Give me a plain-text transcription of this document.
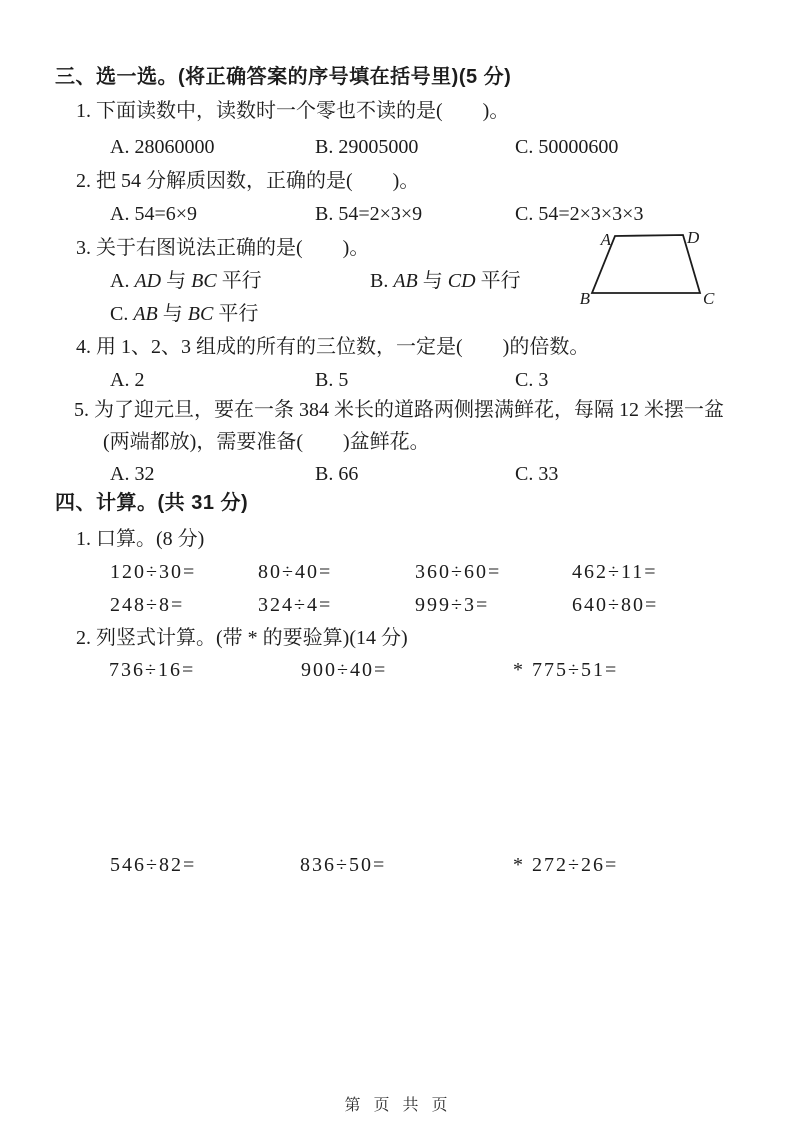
三、选一选。(将正确答案的序号填在括号里)(5 分)
1. 下面读数中，读数时一个零也不读的是(　　)。
A. 28060000	B. 29005000	C. 50000600
2. 把 54 分解质因数，正确的是(　　)。
A. 54=6×9	B. 54=2×3×9	C. 54=2×3×3×3
3. 关于右图说法正确的是(　　)。
A. AD 与 BC 平行	B. AB 与 CD 平行
C. AB 与 BC 平行
A	D
B	C
4. 用 1、2、3 组成的所有的三位数，一定是(　　)的倍数。
A. 2	B. 5	C. 3
5. 为了迎元旦，要在一条 384 米长的道路两侧摆满鲜花，每隔 12 米摆一盆
(两端都放)，需要准备(　　)盆鲜花。
A. 32	B. 66	C. 33
四、计算。(共 31 分)
1. 口算。(8 分)
120÷30=	80÷40=	360÷60=	462÷11=
248÷8=	324÷4=	999÷3=	640÷80=
2. 列竖式计算。(带 * 的要验算)(14 分)
736÷16=	900÷40=	* 775÷51=
546÷82=	836÷50=	* 272÷26=
第 页 共 页
